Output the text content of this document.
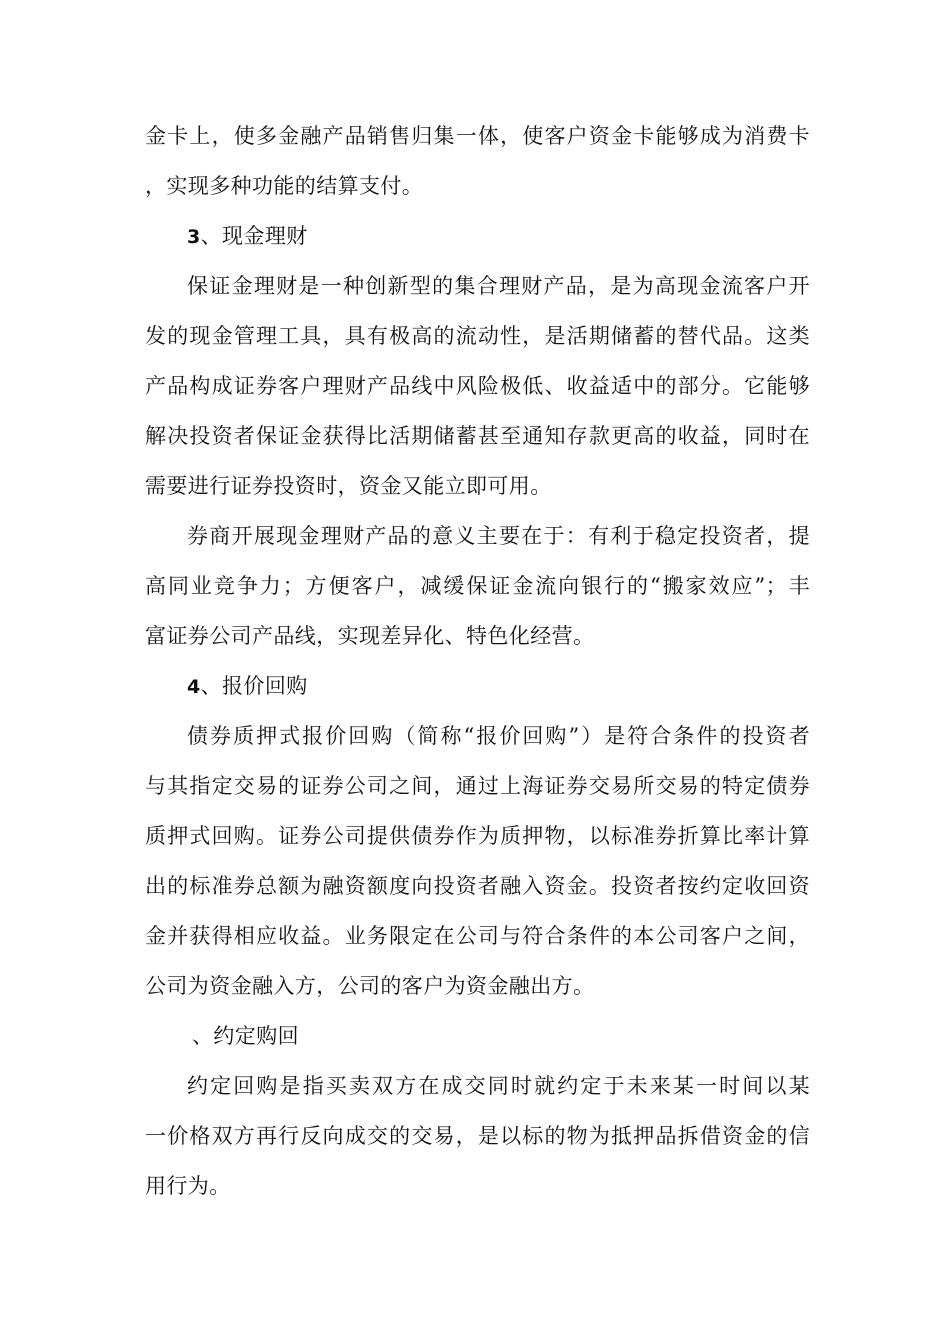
金卡上，使多金融产品销售归集一体，使客户资金卡能够成为消费卡
，实现多种功能的结算支付。
3、现金理财
保证金理财是一种创新型的集合理财产品，是为高现金流客户开
发的现金管理工具，具有极高的流动性，是活期储蓄的替代品。这类
产品构成证券客户理财产品线中风险极低、收益适中的部分。它能够
解决投资者保证金获得比活期储蓄甚至通知存款更高的收益，同时在
需要进行证券投资时，资金又能立即可用。
券商开展现金理财产品的意义主要在于：有利于稳定投资者，提
高同业竞争力；方便客户，减缓保证金流向银行的“搬家效应”；丰
富证券公司产品线，实现差异化、特色化经营。
4、报价回购
债券质押式报价回购（简称“报价回购”）是符合条件的投资者
与其指定交易的证券公司之间，通过上海证券交易所交易的特定债券
质押式回购。证券公司提供债券作为质押物，以标准券折算比率计算
出的标准券总额为融资额度向投资者融入资金。投资者按约定收回资
金并获得相应收益。业务限定在公司与符合条件的本公司客户之间，
公司为资金融入方，公司的客户为资金融出方。
、约定购回
约定回购是指买卖双方在成交同时就约定于未来某一时间以某
一价格双方再行反向成交的交易，是以标的物为抵押品拆借资金的信
用行为。
